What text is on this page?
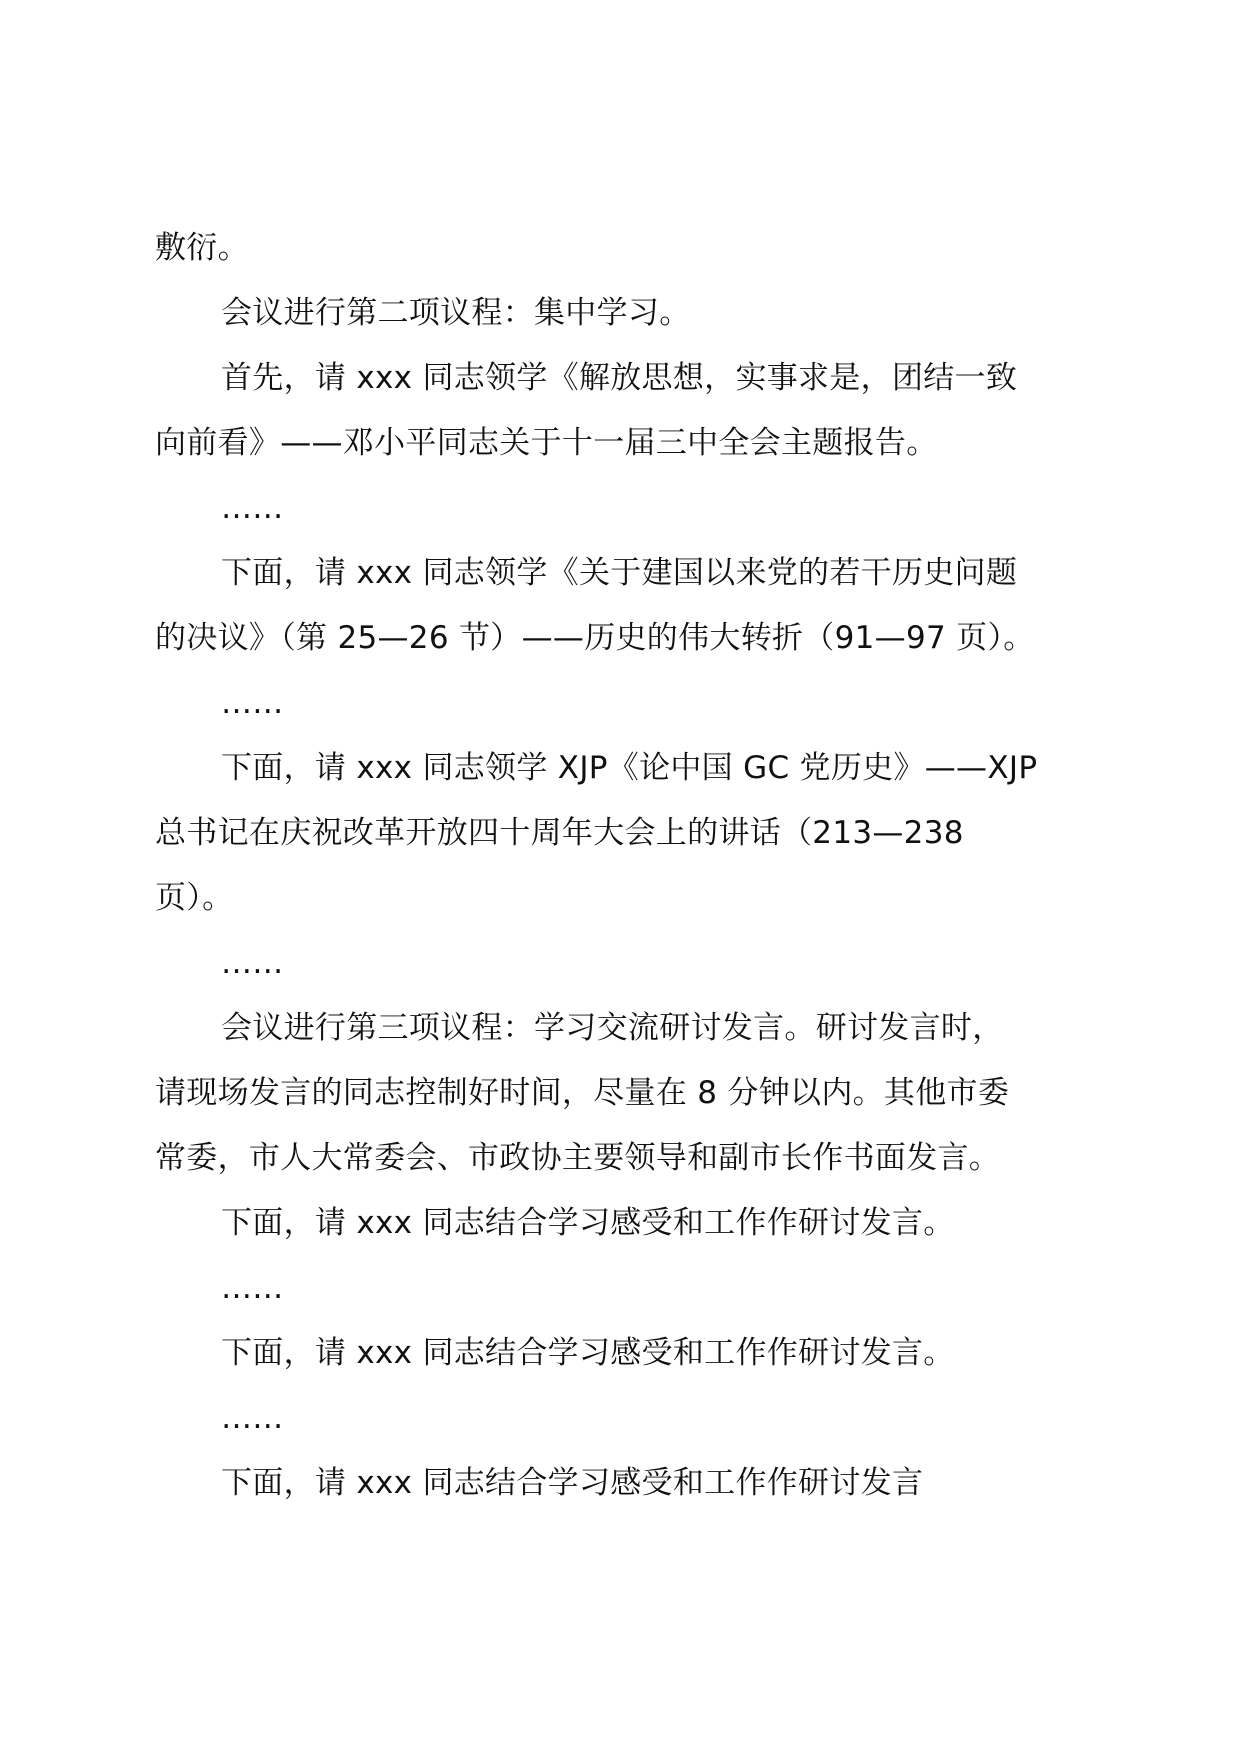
敷衍。
会议进行第二项议程：集中学习。
首先，请 xxx 同志领学《解放思想，实事求是，团结一致
向前看》——邓小平同志关于十一届三中全会主题报告。
……
下面，请 xxx 同志领学《关于建国以来党的若干历史问题
的决议》（第 25—26 节）——历史的伟大转折（91—97 页）。
……
下面，请 xxx 同志领学 XJP《论中国 GC 党历史》——XJP
总书记在庆祝改革开放四十周年大会上的讲话（213—238
页）。
……
会议进行第三项议程：学习交流研讨发言。研讨发言时，
请现场发言的同志控制好时间，尽量在 8 分钟以内。其他市委
常委，市人大常委会、市政协主要领导和副市长作书面发言。
下面，请 xxx 同志结合学习感受和工作作研讨发言。
……
下面，请 xxx 同志结合学习感受和工作作研讨发言。
……
下面，请 xxx 同志结合学习感受和工作作研讨发言
